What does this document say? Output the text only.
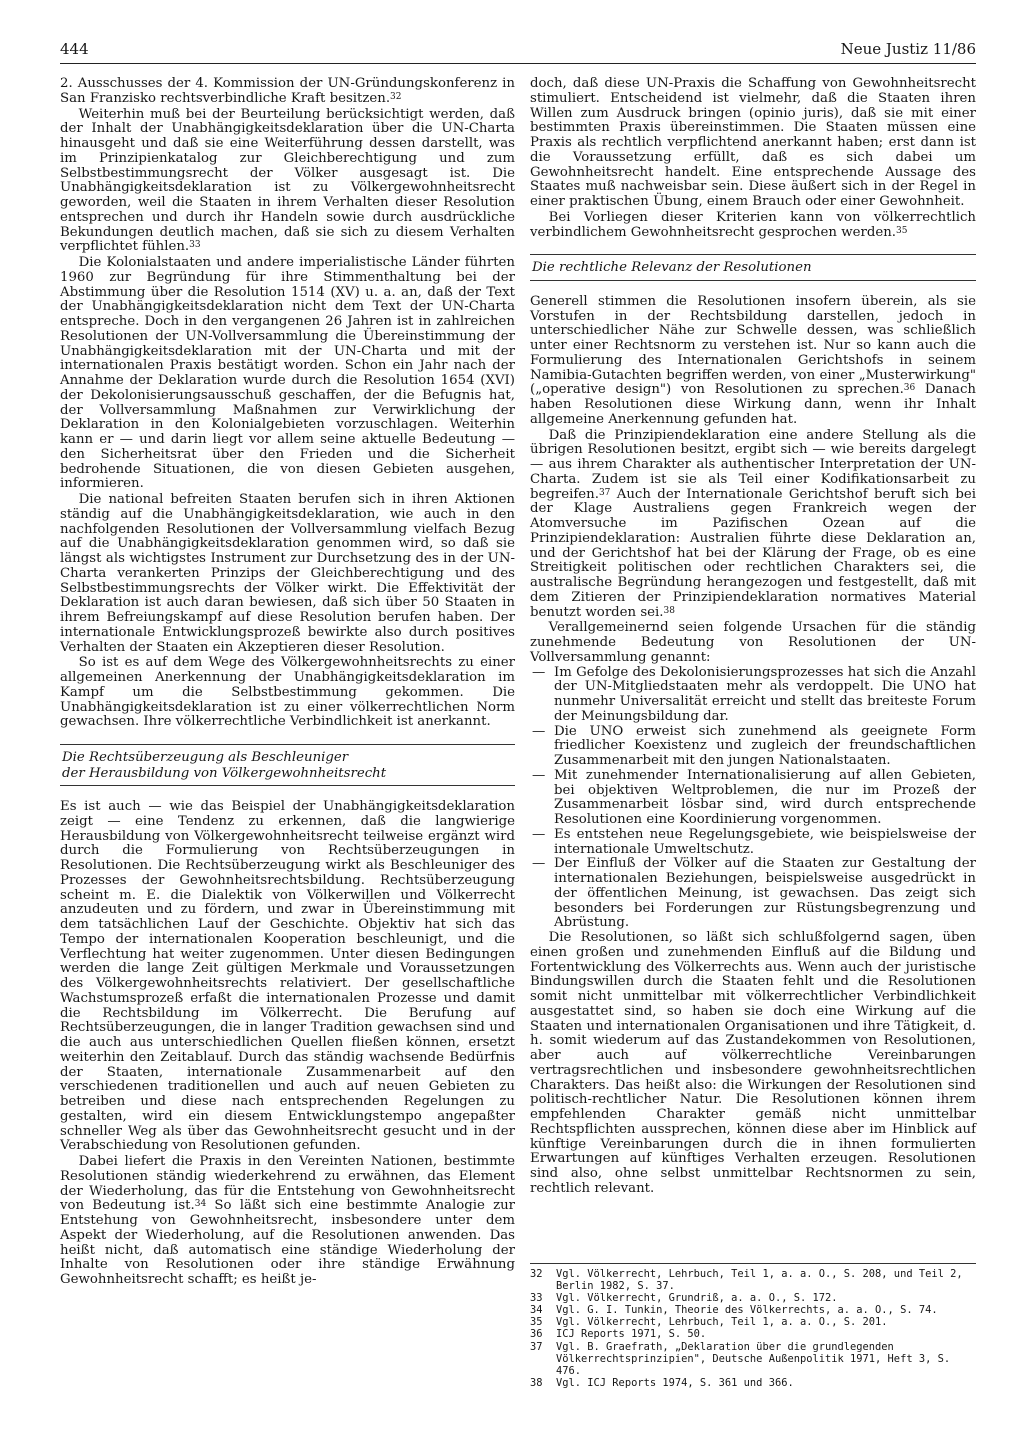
444	Neue Justiz 11/86

2. Ausschusses der 4. Kommission der UN-Gründungskonferenz in San Franzisko rechtsverbindliche Kraft besitzen.$^{32}$

Weiterhin muß bei der Beurteilung berücksichtigt werden, daß der Inhalt der Unabhängigkeitsdeklaration über die UN-Charta hinausgeht und daß sie eine Weiterführung dessen darstellt, was im Prinzipienkatalog zur Gleichberechtigung und zum Selbstbestimmungsrecht der Völker ausgesagt ist. Die Unabhängigkeitsdeklaration ist zu Völkergewohnheitsrecht geworden, weil die Staaten in ihrem Verhalten dieser Resolution entsprechen und durch ihr Handeln sowie durch ausdrückliche Bekundungen deutlich machen, daß sie sich zu diesem Verhalten verpflichtet fühlen.$^{33}$

Die Kolonialstaaten und andere imperialistische Länder führten 1960 zur Begründung für ihre Stimmenthaltung bei der Abstimmung über die Resolution 1514 (XV) u. a. an, daß der Text der Unabhängigkeitsdeklaration nicht dem Text der UN-Charta entspreche. Doch in den vergangenen 26 Jahren ist in zahlreichen Resolutionen der UN-Vollversammlung die Übereinstimmung der Unabhängigkeitsdeklaration mit der UN-Charta und mit der internationalen Praxis bestätigt worden. Schon ein Jahr nach der Annahme der Deklaration wurde durch die Resolution 1654 (XVI) der Dekolonisierungsausschuß geschaffen, der die Befugnis hat, der Vollversammlung Maßnahmen zur Verwirklichung der Deklaration in den Kolonialgebieten vorzuschlagen. Weiterhin kann er — und darin liegt vor allem seine aktuelle Bedeutung — den Sicherheitsrat über den Frieden und die Sicherheit bedrohende Situationen, die von diesen Gebieten ausgehen, informieren.

Die national befreiten Staaten berufen sich in ihren Aktionen ständig auf die Unabhängigkeitsdeklaration, wie auch in den nachfolgenden Resolutionen der Vollversammlung vielfach Bezug auf die Unabhängigkeitsdeklaration genommen wird, so daß sie längst als wichtigstes Instrument zur Durchsetzung des in der UN-Charta verankerten Prinzips der Gleichberechtigung und des Selbstbestimmungsrechts der Völker wirkt. Die Effektivität der Deklaration ist auch daran bewiesen, daß sich über 50 Staaten in ihrem Befreiungskampf auf diese Resolution berufen haben. Der internationale Entwicklungsprozeß bewirkte also durch positives Verhalten der Staaten ein Akzeptieren dieser Resolution.

So ist es auf dem Wege des Völkergewohnheitsrechts zu einer allgemeinen Anerkennung der Unabhängigkeitsdeklaration im Kampf um die Selbstbestimmung gekommen. Die Unabhängigkeitsdeklaration ist zu einer völkerrechtlichen Norm gewachsen. Ihre völkerrechtliche Verbindlichkeit ist anerkannt.

Die Rechtsüberzeugung als Beschleuniger
der Herausbildung von Völkergewohnheitsrecht

Es ist auch — wie das Beispiel der Unabhängigkeitsdeklaration zeigt — eine Tendenz zu erkennen, daß die langwierige Herausbildung von Völkergewohnheitsrecht teilweise ergänzt wird durch die Formulierung von Rechtsüberzeugungen in Resolutionen. Die Rechtsüberzeugung wirkt als Beschleuniger des Prozesses der Gewohnheitsrechtsbildung. Rechtsüberzeugung scheint m. E. die Dialektik von Völkerwillen und Völkerrecht anzudeuten und zu fördern, und zwar in Übereinstimmung mit dem tatsächlichen Lauf der Geschichte. Objektiv hat sich das Tempo der internationalen Kooperation beschleunigt, und die Verflechtung hat weiter zugenommen. Unter diesen Bedingungen werden die lange Zeit gültigen Merkmale und Voraussetzungen des Völkergewohnheitsrechts relativiert. Der gesellschaftliche Wachstumsprozeß erfaßt die internationalen Prozesse und damit die Rechtsbildung im Völkerrecht. Die Berufung auf Rechtsüberzeugungen, die in langer Tradition gewachsen sind und die auch aus unterschiedlichen Quellen fließen können, ersetzt weiterhin den Zeitablauf. Durch das ständig wachsende Bedürfnis der Staaten, internationale Zusammenarbeit auf den verschiedenen traditionellen und auch auf neuen Gebieten zu betreiben und diese nach entsprechenden Regelungen zu gestalten, wird ein diesem Entwicklungstempo angepaßter schneller Weg als über das Gewohnheitsrecht gesucht und in der Verabschiedung von Resolutionen gefunden.

Dabei liefert die Praxis in den Vereinten Nationen, bestimmte Resolutionen ständig wiederkehrend zu erwähnen, das Element der Wiederholung, das für die Entstehung von Gewohnheitsrecht von Bedeutung ist.$^{34}$ So läßt sich eine bestimmte Analogie zur Entstehung von Gewohnheitsrecht, insbesondere unter dem Aspekt der Wiederholung, auf die Resolutionen anwenden. Das heißt nicht, daß automatisch eine ständige Wiederholung der Inhalte von Resolutionen oder ihre ständige Erwähnung Gewohnheitsrecht schafft; es heißt je-

doch, daß diese UN-Praxis die Schaffung von Gewohnheitsrecht stimuliert. Entscheidend ist vielmehr, daß die Staaten ihren Willen zum Ausdruck bringen (opinio juris), daß sie mit einer bestimmten Praxis übereinstimmen. Die Staaten müssen eine Praxis als rechtlich verpflichtend anerkannt haben; erst dann ist die Voraussetzung erfüllt, daß es sich dabei um Gewohnheitsrecht handelt. Eine entsprechende Aussage des Staates muß nachweisbar sein. Diese äußert sich in der Regel in einer praktischen Übung, einem Brauch oder einer Gewohnheit.

Bei Vorliegen dieser Kriterien kann von völkerrechtlich verbindlichem Gewohnheitsrecht gesprochen werden.$^{35}$

Die rechtliche Relevanz der Resolutionen

Generell stimmen die Resolutionen insofern überein, als sie Vorstufen in der Rechtsbildung darstellen, jedoch in unterschiedlicher Nähe zur Schwelle dessen, was schließlich unter einer Rechtsnorm zu verstehen ist. Nur so kann auch die Formulierung des Internationalen Gerichtshofs in seinem Namibia-Gutachten begriffen werden, von einer „Musterwirkung" („operative design") von Resolutionen zu sprechen.$^{36}$ Danach haben Resolutionen diese Wirkung dann, wenn ihr Inhalt allgemeine Anerkennung gefunden hat.

Daß die Prinzipiendeklaration eine andere Stellung als die übrigen Resolutionen besitzt, ergibt sich — wie bereits dargelegt — aus ihrem Charakter als authentischer Interpretation der UN-Charta. Zudem ist sie als Teil einer Kodifikationsarbeit zu begreifen.$^{37}$ Auch der Internationale Gerichtshof beruft sich bei der Klage Australiens gegen Frankreich wegen der Atomversuche im Pazifischen Ozean auf die Prinzipiendeklaration: Australien führte diese Deklaration an, und der Gerichtshof hat bei der Klärung der Frage, ob es eine Streitigkeit politischen oder rechtlichen Charakters sei, die australische Begründung herangezogen und festgestellt, daß mit dem Zitieren der Prinzipiendeklaration normatives Material benutzt worden sei.$^{38}$

Verallgemeinernd seien folgende Ursachen für die ständig zunehmende Bedeutung von Resolutionen der UN-Vollversammlung genannt:

— Im Gefolge des Dekolonisierungsprozesses hat sich die Anzahl der UN-Mitgliedstaaten mehr als verdoppelt. Die UNO hat nunmehr Universalität erreicht und stellt das breiteste Forum der Meinungsbildung dar.
— Die UNO erweist sich zunehmend als geeignete Form friedlicher Koexistenz und zugleich der freundschaftlichen Zusammenarbeit mit den jungen Nationalstaaten.
— Mit zunehmender Internationalisierung auf allen Gebieten, bei objektiven Weltproblemen, die nur im Prozeß der Zusammenarbeit lösbar sind, wird durch entsprechende Resolutionen eine Koordinierung vorgenommen.
— Es entstehen neue Regelungsgebiete, wie beispielsweise der internationale Umweltschutz.
— Der Einfluß der Völker auf die Staaten zur Gestaltung der internationalen Beziehungen, beispielsweise ausgedrückt in der öffentlichen Meinung, ist gewachsen. Das zeigt sich besonders bei Forderungen zur Rüstungsbegrenzung und Abrüstung.

Die Resolutionen, so läßt sich schlußfolgernd sagen, üben einen großen und zunehmenden Einfluß auf die Bildung und Fortentwicklung des Völkerrechts aus. Wenn auch der juristische Bindungswillen durch die Staaten fehlt und die Resolutionen somit nicht unmittelbar mit völkerrechtlicher Verbindlichkeit ausgestattet sind, so haben sie doch eine Wirkung auf die Staaten und internationalen Organisationen und ihre Tätigkeit, d. h. somit wiederum auf das Zustandekommen von Resolutionen, aber auch auf völkerrechtliche Vereinbarungen vertragsrechtlichen und insbesondere gewohnheitsrechtlichen Charakters. Das heißt also: die Wirkungen der Resolutionen sind politisch-rechtlicher Natur. Die Resolutionen können ihrem empfehlenden Charakter gemäß nicht unmittelbar Rechtspflichten aussprechen, können diese aber im Hinblick auf künftige Vereinbarungen durch die in ihnen formulierten Erwartungen auf künftiges Verhalten erzeugen. Resolutionen sind also, ohne selbst unmittelbar Rechtsnormen zu sein, rechtlich relevant.

32	Vgl. Völkerrecht, Lehrbuch, Teil 1, a. a. O., S. 208, und Teil 2, Berlin 1982, S. 37.
33	Vgl. Völkerrecht, Grundriß, a. a. O., S. 172.
34	Vgl. G. I. Tunkin, Theorie des Völkerrechts, a. a. O., S. 74.
35	Vgl. Völkerrecht, Lehrbuch, Teil 1, a. a. O., S. 201.
36	ICJ Reports 1971, S. 50.
37	Vgl. B. Graefrath, „Deklaration über die grundlegenden Völkerrechtsprinzipien", Deutsche Außenpolitik 1971, Heft 3, S. 476.
38	Vgl. ICJ Reports 1974, S. 361 und 366.
